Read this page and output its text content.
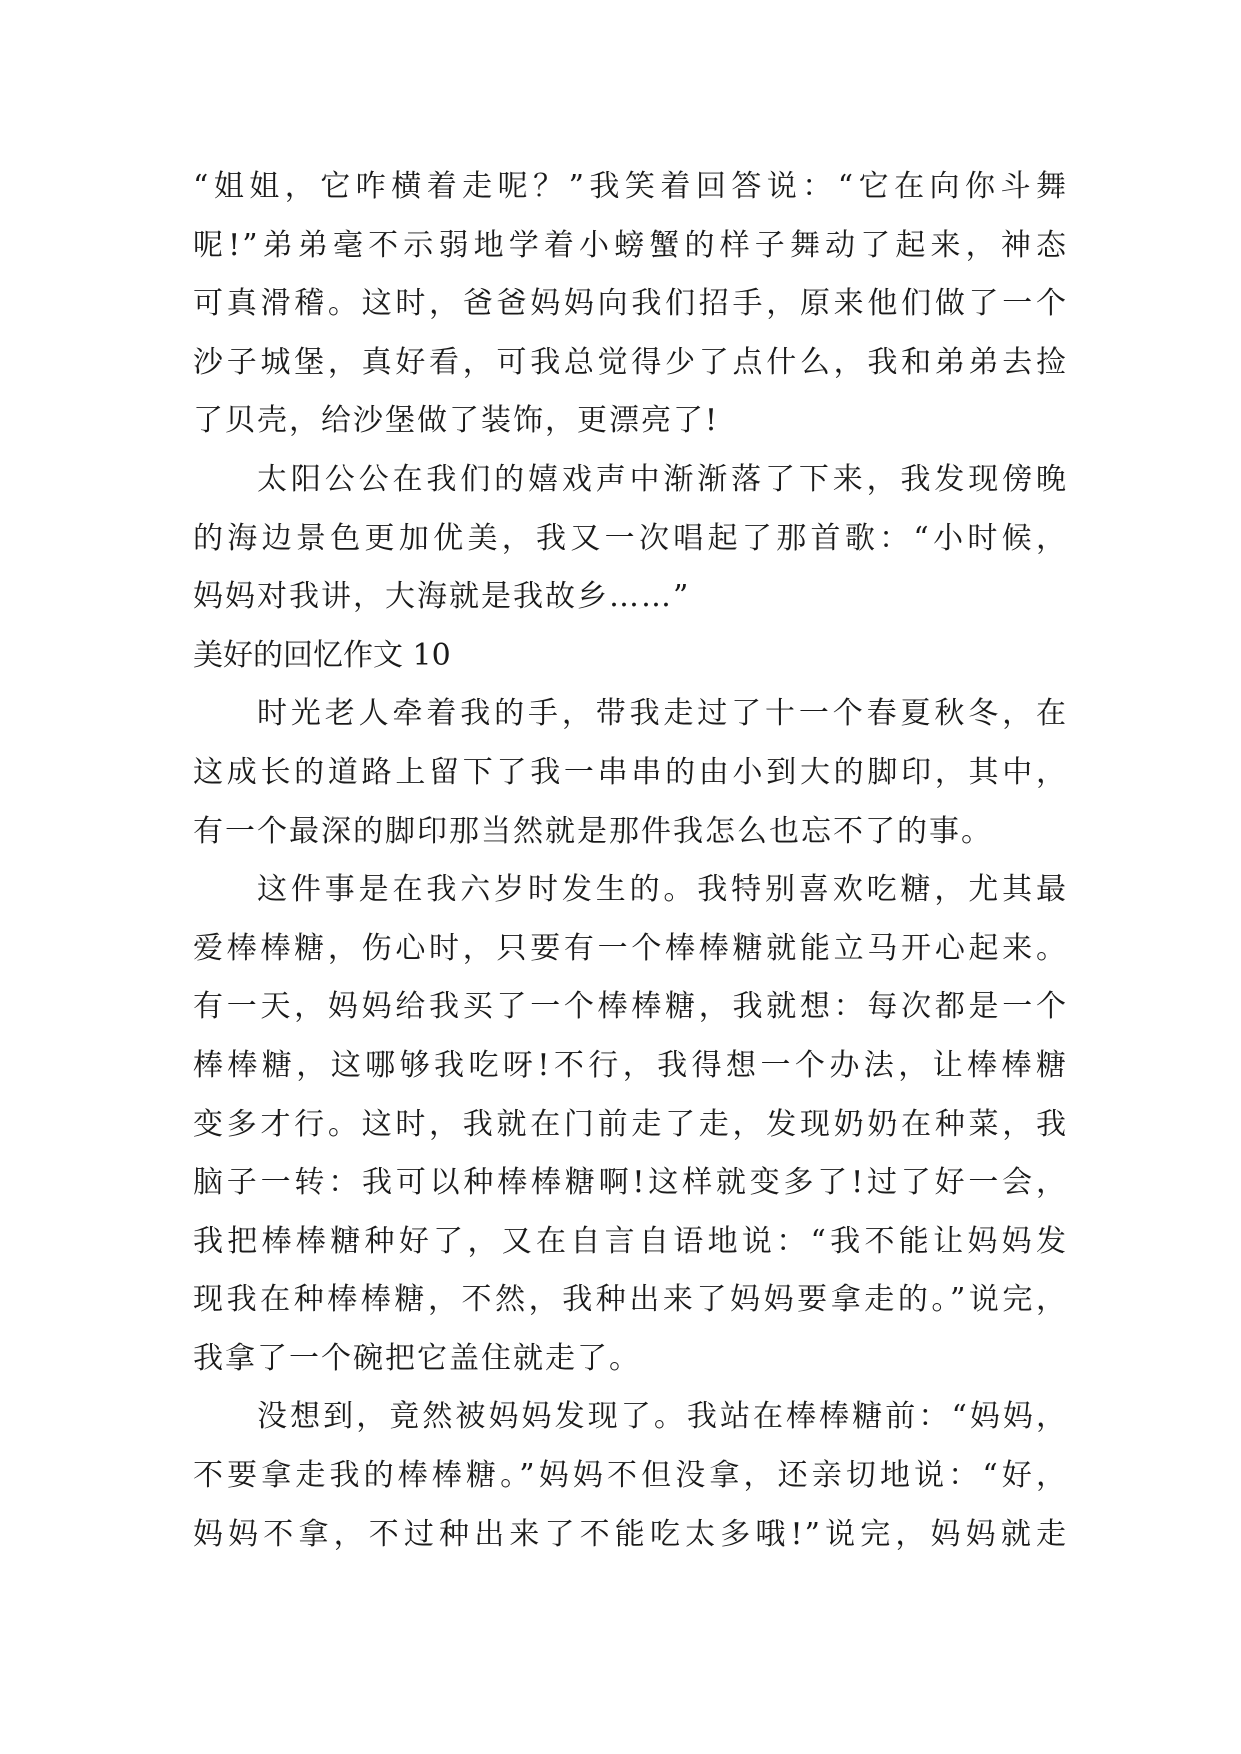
“姐姐，它咋横着走呢？”我笑着回答说：“它在向你斗舞
呢!”弟弟毫不示弱地学着小螃蟹的样子舞动了起来，神态
可真滑稽。这时，爸爸妈妈向我们招手，原来他们做了一个
沙子城堡，真好看，可我总觉得少了点什么，我和弟弟去捡
了贝壳，给沙堡做了装饰，更漂亮了!
太阳公公在我们的嬉戏声中渐渐落了下来，我发现傍晚
的海边景色更加优美，我又一次唱起了那首歌：“小时候，
妈妈对我讲，大海就是我故乡……”
美好的回忆作文 10
时光老人牵着我的手，带我走过了十一个春夏秋冬，在
这成长的道路上留下了我一串串的由小到大的脚印，其中，
有一个最深的脚印那当然就是那件我怎么也忘不了的事。
这件事是在我六岁时发生的。我特别喜欢吃糖，尤其最
爱棒棒糖，伤心时，只要有一个棒棒糖就能立马开心起来。
有一天，妈妈给我买了一个棒棒糖，我就想：每次都是一个
棒棒糖，这哪够我吃呀!不行，我得想一个办法，让棒棒糖
变多才行。这时，我就在门前走了走，发现奶奶在种菜，我
脑子一转：我可以种棒棒糖啊!这样就变多了!过了好一会，
我把棒棒糖种好了，又在自言自语地说：“我不能让妈妈发
现我在种棒棒糖，不然，我种出来了妈妈要拿走的。”说完，
我拿了一个碗把它盖住就走了。
没想到，竟然被妈妈发现了。我站在棒棒糖前：“妈妈，
不要拿走我的棒棒糖。”妈妈不但没拿，还亲切地说：“好，
妈妈不拿，不过种出来了不能吃太多哦!”说完，妈妈就走
